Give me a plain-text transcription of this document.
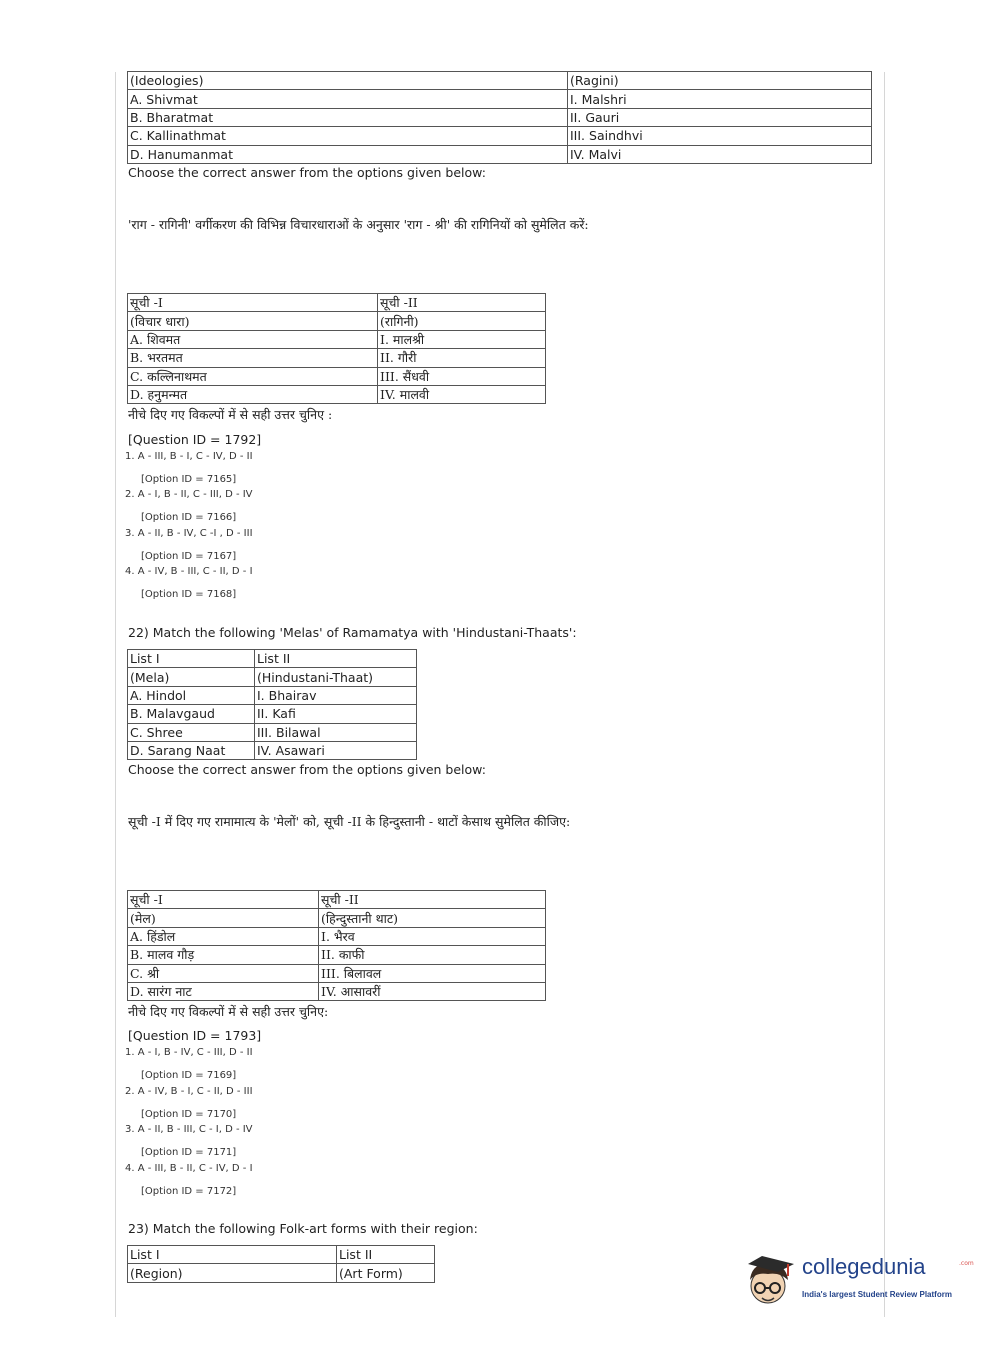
(Ideologies)	(Ragini)
A. Shivmat	I. Malshri
B. Bharatmat	II. Gauri
C. Kallinathmat	III. Saindhvi
D. Hanumanmat	IV. Malvi
Choose the correct answer from the options given below:
'राग - रागिनी' वर्गीकरण की विभिन्न विचारधाराओं के अनुसार 'राग - श्री' की रागिनियों को सुमेलित करें:
सूची -I	सूची -II
(विचार धारा)	(रागिनी)
A. शिवमत	I. मालश्री
B. भरतमत	II. गौरी
C. कल्लिनाथमत	III. सैंधवी
D. हनुमन्मत	IV. मालवी
नीचे दिए गए विकल्पों में से सही उत्तर चुनिए :
[Question ID = 1792]
1. A - III, B - I, C - IV, D - II
[Option ID = 7165]
2. A - I, B - II, C - III, D - IV
[Option ID = 7166]
3. A - II, B - IV, C -I , D - III
[Option ID = 7167]
4. A - IV, B - III, C - II, D - I
[Option ID = 7168]
22) Match the following 'Melas' of Ramamatya with 'Hindustani-Thaats':
List I	List II
(Mela)	(Hindustani-Thaat)
A. Hindol	I. Bhairav
B. Malavgaud	II. Kafi
C. Shree	III. Bilawal
D. Sarang Naat	IV. Asawari
Choose the correct answer from the options given below:
सूची -I में दिए गए रामामात्य के 'मेलों' को, सूची -II के हिन्दुस्तानी - थाटों केसाथ सुमेलित कीजिए:
सूची -I	सूची -II
(मेल)	(हिन्दुस्तानी थाट)
A. हिंडोल	I. भैरव
B. मालव गौड़	II. काफी
C. श्री	III. बिलावल
D. सारंग नाट	IV. आसावरीं
नीचे दिए गए विकल्पों में से सही उत्तर चुनिए:
[Question ID = 1793]
1. A - I, B - IV, C - III, D - II
[Option ID = 7169]
2. A - IV, B - I, C - II, D - III
[Option ID = 7170]
3. A - II, B - III, C - I, D - IV
[Option ID = 7171]
4. A - III, B - II, C - IV, D - I
[Option ID = 7172]
23) Match the following Folk-art forms with their region:
List I	List II
(Region)	(Art Form)	collegedunia	.com
India's largest Student Review Platform
